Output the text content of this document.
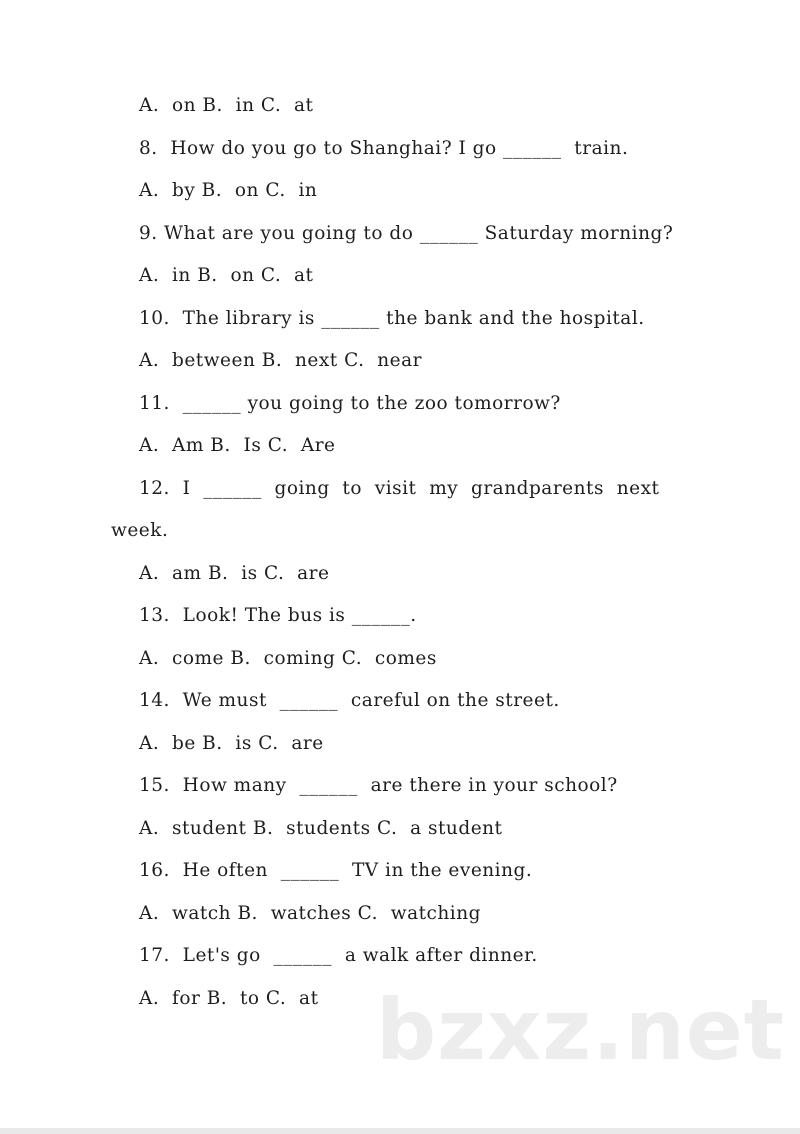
A.  on B.  in C.  at
8.  How do you go to Shanghai? I go ______  train.
A.  by B.  on C.  in
9. What are you going to do ______ Saturday morning?
A.  in B.  on C.  at
10.  The library is ______ the bank and the hospital.
A.  between B.  next C.  near
11.  ______ you going to the zoo tomorrow?
A.  Am B.  Is C.  Are
12.  I  ______  going  to  visit  my  grandparents  next
week.
A.  am B.  is C.  are
13.  Look! The bus is ______.
A.  come B.  coming C.  comes
14.  We must  ______  careful on the street.
A.  be B.  is C.  are
15.  How many  ______  are there in your school?
A.  student B.  students C.  a student
16.  He often  ______  TV in the evening.
A.  watch B.  watches C.  watching
17.  Let's go  ______  a walk after dinner.
A.  for B.  to C.  at bzxz.net
